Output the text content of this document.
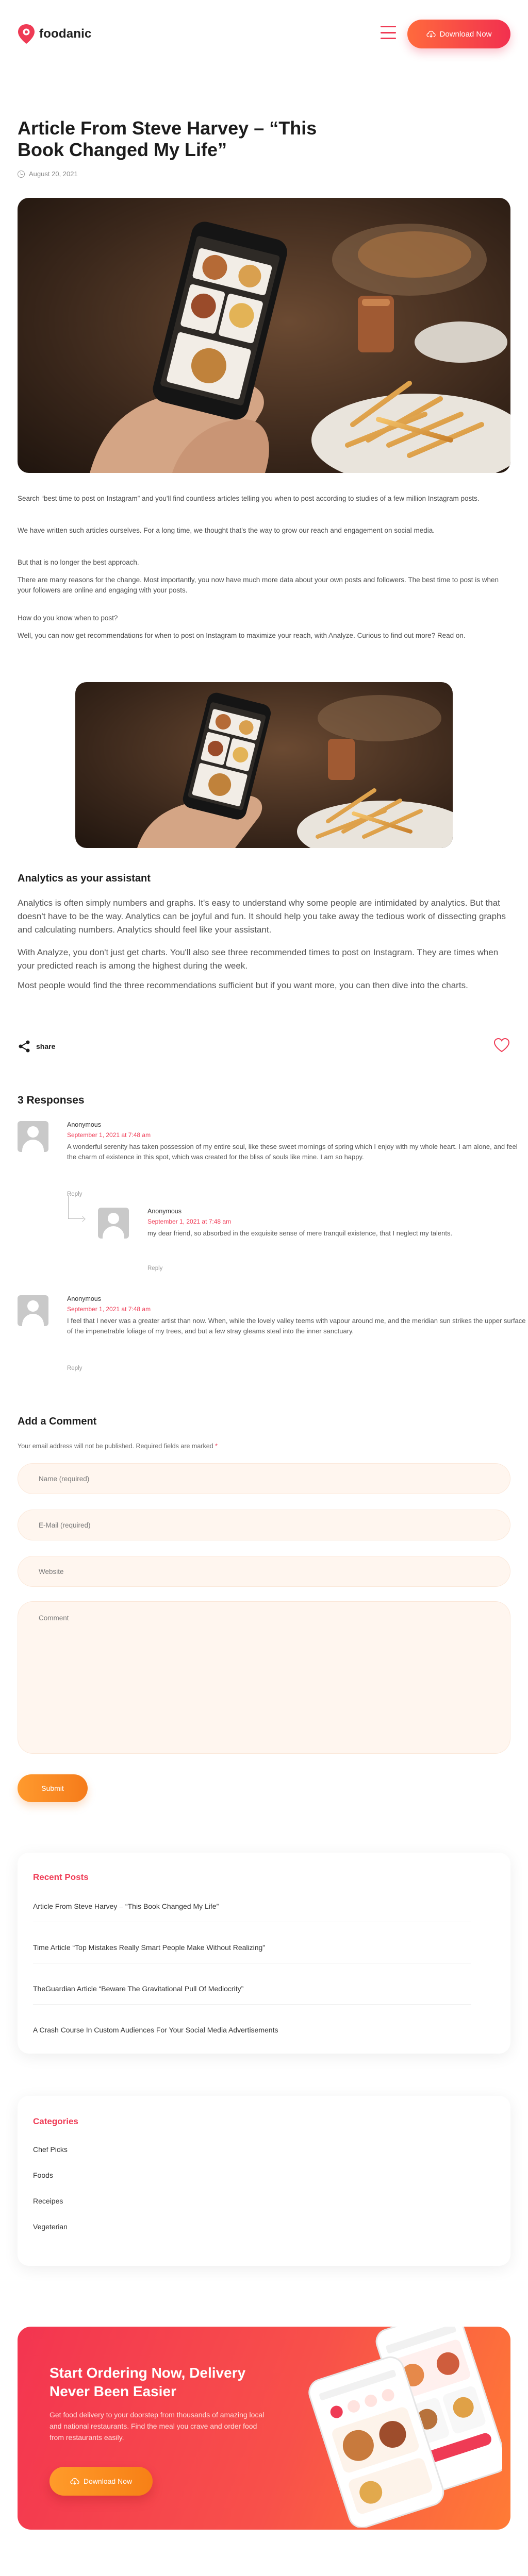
foodanic	Download Now
Article From Steve Harvey – “This Book Changed My Life”
August 20, 2021

Search “best time to post on Instagram” and you'll find countless articles telling you when to post according to studies of a few million Instagram posts.

We have written such articles ourselves. For a long time, we thought that's the way to grow our reach and engagement on social media.

But that is no longer the best approach.

There are many reasons for the change. Most importantly, you now have much more data about your own posts and followers. The best time to post is when your followers are online and engaging with your posts.

How do you know when to post?

Well, you can now get recommendations for when to post on Instagram to maximize your reach, with Analyze. Curious to find out more? Read on.

Analytics as your assistant

Analytics is often simply numbers and graphs. It's easy to understand why some people are intimidated by analytics. But that doesn't have to be the way. Analytics can be joyful and fun. It should help you take away the tedious work of dissecting graphs and calculating numbers. Analytics should feel like your assistant.

With Analyze, you don't just get charts. You'll also see three recommended times to post on Instagram. They are times when your predicted reach is among the highest during the week.

Most people would find the three recommendations sufficient but if you want more, you can then dive into the charts.

share
3 Responses
Anonymous
September 1, 2021 at 7:48 am
A wonderful serenity has taken possession of my entire soul, like these sweet mornings of spring which I enjoy with my whole heart. I am alone, and feel the charm of existence in this spot, which was created for the bliss of souls like mine. I am so happy.
Reply
Anonymous
September 1, 2021 at 7:48 am
my dear friend, so absorbed in the exquisite sense of mere tranquil existence, that I neglect my talents.
Reply
Anonymous
September 1, 2021 at 7:48 am
I feel that I never was a greater artist than now. When, while the lovely valley teems with vapour around me, and the meridian sun strikes the upper surface of the impenetrable foliage of my trees, and but a few stray gleams steal into the inner sanctuary.
Reply
Add a Comment
Your email address will not be published. Required fields are marked *
Name (required)
E-Mail (required)
Website
Comment
Submit
Recent Posts
Article From Steve Harvey – “This Book Changed My Life”
Time Article “Top Mistakes Really Smart People Make Without Realizing”
TheGuardian Article “Beware The Gravitational Pull Of Mediocrity”
A Crash Course In Custom Audiences For Your Social Media Advertisements
Categories
Chef Picks
Foods
Receipes
Vegeterian
Start Ordering Now, Delivery Never Been Easier
Get food delivery to your doorstep from thousands of amazing local and national restaurants. Find the meal you crave and order food from restaurants easily.
Download Now
